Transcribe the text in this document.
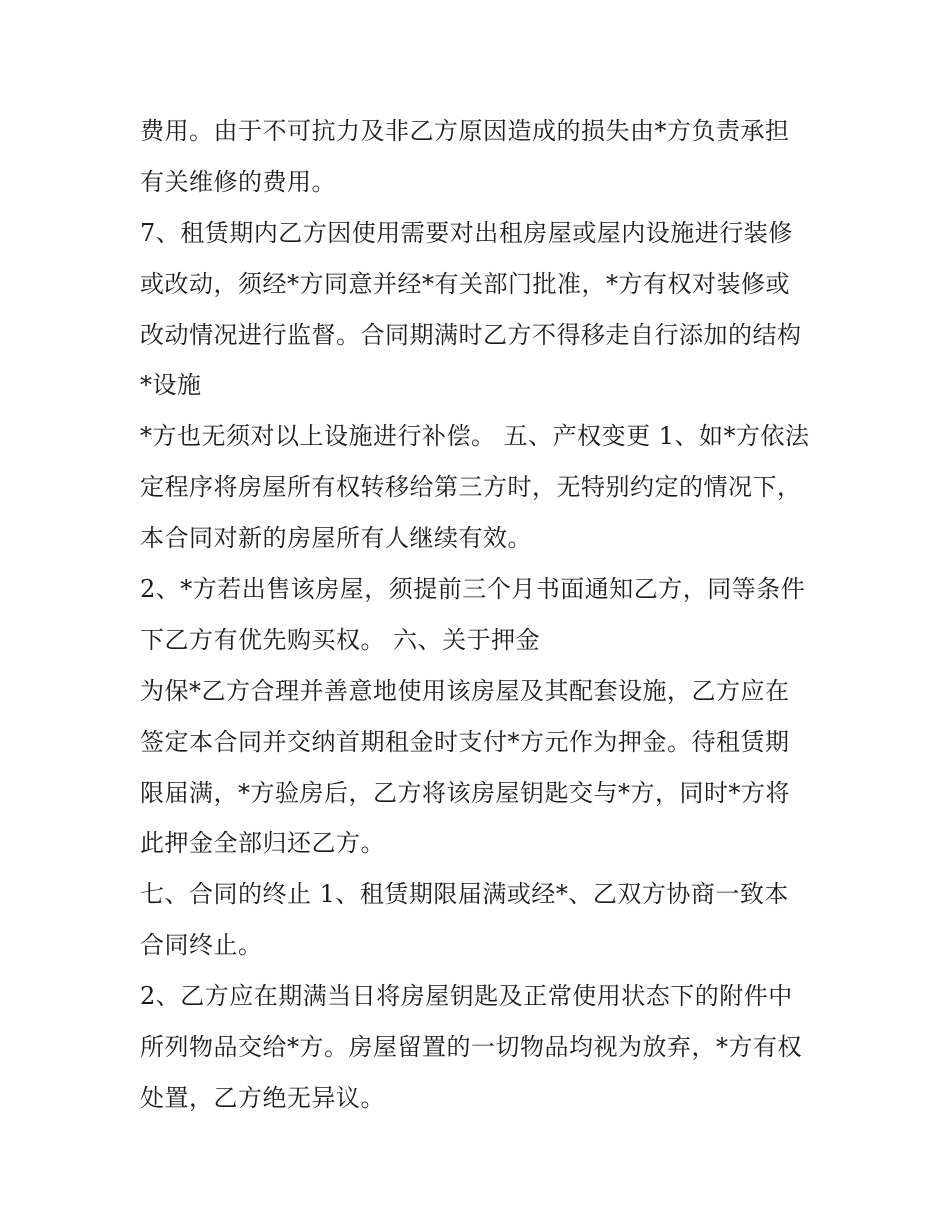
费用。由于不可抗力及非乙方原因造成的损失由*方负责承担
有关维修的费用。
7、租赁期内乙方因使用需要对出租房屋或屋内设施进行装修
或改动，须经*方同意并经*有关部门批准，*方有权对装修或
改动情况进行监督。合同期满时乙方不得移走自行添加的结构
*设施
*方也无须对以上设施进行补偿。 五、产权变更 1、如*方依法
定程序将房屋所有权转移给第三方时，无特别约定的情况下，
本合同对新的房屋所有人继续有效。
2、*方若出售该房屋，须提前三个月书面通知乙方，同等条件
下乙方有优先购买权。 六、关于押金
为保*乙方合理并善意地使用该房屋及其配套设施，乙方应在
签定本合同并交纳首期租金时支付*方元作为押金。待租赁期
限届满，*方验房后，乙方将该房屋钥匙交与*方，同时*方将
此押金全部归还乙方。
七、合同的终止 1、租赁期限届满或经*、乙双方协商一致本
合同终止。
2、乙方应在期满当日将房屋钥匙及正常使用状态下的附件中
所列物品交给*方。房屋留置的一切物品均视为放弃，*方有权
处置，乙方绝无异议。
